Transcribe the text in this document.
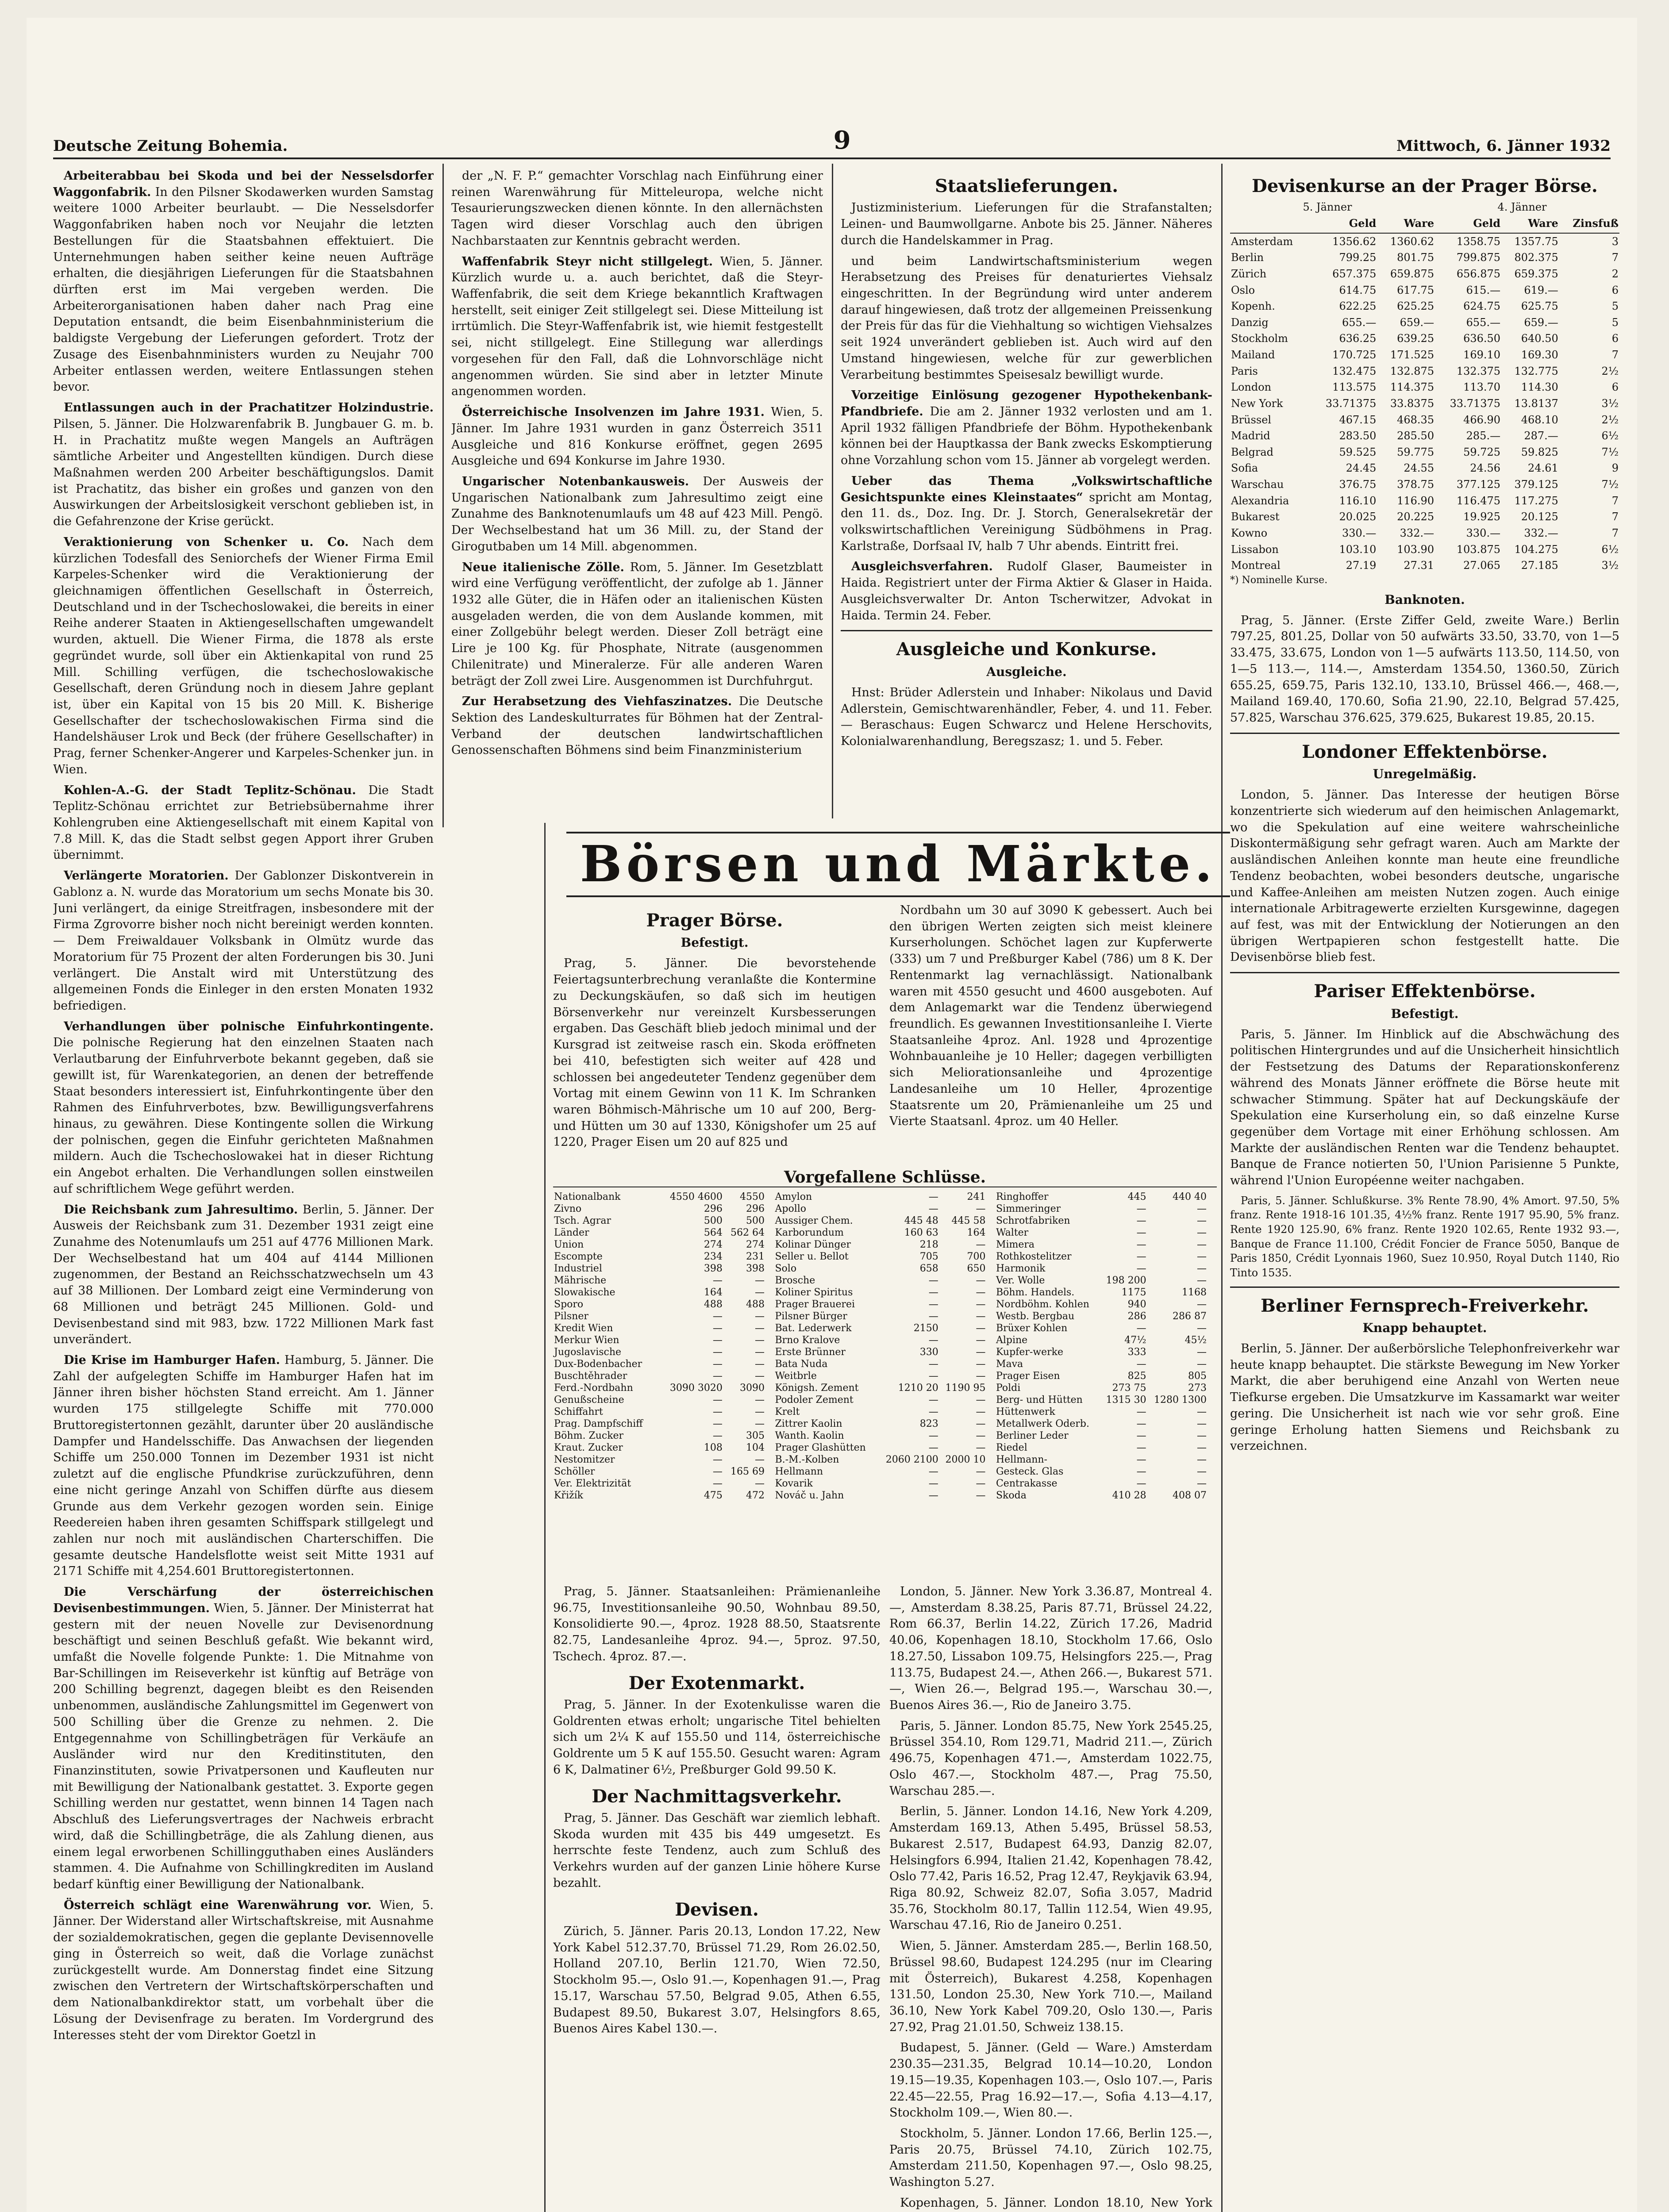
Deutsche Zeitung Bohemia.	9	Mittwoch, 6. Jänner 1932

Arbeiterabbau bei Skoda und bei der Nesselsdorfer Waggonfabrik. In den Pilsner Skodawerken wurden Samstag weitere 1000 Arbeiter beurlaubt. — Die Nesselsdorfer Waggonfabriken haben noch vor Neujahr die letzten Bestellungen für die Staatsbahnen effektuiert. Die Unternehmungen haben seither keine neuen Aufträge erhalten, die diesjährigen Lieferungen für die Staatsbahnen dürften erst im Mai vergeben werden. Die Arbeiterorganisationen haben daher nach Prag eine Deputation entsandt, die beim Eisenbahnministerium die baldigste Vergebung der Lieferungen gefordert. Trotz der Zusage des Eisenbahnministers wurden zu Neujahr 700 Arbeiter entlassen werden, weitere Entlassungen stehen bevor.

Entlassungen auch in der Prachatitzer Holzindustrie. Pilsen, 5. Jänner. Die Holzwarenfabrik B. Jungbauer G. m. b. H. in Prachatitz mußte wegen Mangels an Aufträgen sämtliche Arbeiter und Angestellten kündigen. Durch diese Maßnahmen werden 200 Arbeiter beschäftigungslos. Damit ist Prachatitz, das bisher ein großes und ganzen von den Auswirkungen der Arbeitslosigkeit verschont geblieben ist, in die Gefahrenzone der Krise gerückt.

Veraktionierung von Schenker u. Co. Nach dem kürzlichen Todesfall des Seniorchefs der Wiener Firma Emil Karpeles-Schenker wird die Veraktionierung der gleichnamigen öffentlichen Gesellschaft in Österreich, Deutschland und in der Tschechoslowakei, die bereits in einer Reihe anderer Staaten in Aktiengesellschaften umgewandelt wurden, aktuell. Die Wiener Firma, die 1878 als erste gegründet wurde, soll über ein Aktienkapital von rund 25 Mill. Schilling verfügen, die tschechoslowakische Gesellschaft, deren Gründung noch in diesem Jahre geplant ist, über ein Kapital von 15 bis 20 Mill. K. Bisherige Gesellschafter der tschechoslowakischen Firma sind die Handelshäuser Lrok und Beck (der frühere Gesellschafter) in Prag, ferner Schenker-Angerer und Karpeles-Schenker jun. in Wien.

Kohlen-A.-G. der Stadt Teplitz-Schönau. Die Stadt Teplitz-Schönau errichtet zur Betriebsübernahme ihrer Kohlengruben eine Aktiengesellschaft mit einem Kapital von 7.8 Mill. K, das die Stadt selbst gegen Apport ihrer Gruben übernimmt.

Verlängerte Moratorien. Der Gablonzer Diskontverein in Gablonz a. N. wurde das Moratorium um sechs Monate bis 30. Juni verlängert, da einige Streitfragen, insbesondere mit der Firma Zgrovorre bisher noch nicht bereinigt werden konnten. — Dem Freiwaldauer Volksbank in Olmütz wurde das Moratorium für 75 Prozent der alten Forderungen bis 30. Juni verlängert. Die Anstalt wird mit Unterstützung des allgemeinen Fonds die Einleger in den ersten Monaten 1932 befriedigen.

Verhandlungen über polnische Einfuhrkontingente. Die polnische Regierung hat den einzelnen Staaten nach Verlautbarung der Einfuhrverbote bekannt gegeben, daß sie gewillt ist, für Warenkategorien, an denen der betreffende Staat besonders interessiert ist, Einfuhrkontingente über den Rahmen des Einfuhrverbotes, bzw. Bewilligungsverfahrens hinaus, zu gewähren. Diese Kontingente sollen die Wirkung der polnischen, gegen die Einfuhr gerichteten Maßnahmen mildern. Auch die Tschechoslowakei hat in dieser Richtung ein Angebot erhalten. Die Verhandlungen sollen einstweilen auf schriftlichem Wege geführt werden.

Die Reichsbank zum Jahresultimo. Berlin, 5. Jänner. Der Ausweis der Reichsbank zum 31. Dezember 1931 zeigt eine Zunahme des Notenumlaufs um 251 auf 4776 Millionen Mark. Der Wechselbestand hat um 404 auf 4144 Millionen zugenommen, der Bestand an Reichsschatzwechseln um 43 auf 38 Millionen. Der Lombard zeigt eine Verminderung von 68 Millionen und beträgt 245 Millionen. Gold- und Devisenbestand sind mit 983, bzw. 1722 Millionen Mark fast unverändert.

Die Krise im Hamburger Hafen. Hamburg, 5. Jänner. Die Zahl der aufgelegten Schiffe im Hamburger Hafen hat im Jänner ihren bisher höchsten Stand erreicht. Am 1. Jänner wurden 175 stillgelegte Schiffe mit 770.000 Bruttoregistertonnen gezählt, darunter über 20 ausländische Dampfer und Handelsschiffe. Das Anwachsen der liegenden Schiffe um 250.000 Tonnen im Dezember 1931 ist nicht zuletzt auf die englische Pfundkrise zurückzuführen, denn eine nicht geringe Anzahl von Schiffen dürfte aus diesem Grunde aus dem Verkehr gezogen worden sein. Einige Reedereien haben ihren gesamten Schiffspark stillgelegt und zahlen nur noch mit ausländischen Charterschiffen. Die gesamte deutsche Handelsflotte weist seit Mitte 1931 auf 2171 Schiffe mit 4,254.601 Bruttoregistertonnen.

Die Verschärfung der österreichischen Devisenbestimmungen. Wien, 5. Jänner. Der Ministerrat hat gestern mit der neuen Novelle zur Devisenordnung beschäftigt und seinen Beschluß gefaßt. Wie bekannt wird, umfaßt die Novelle folgende Punkte: 1. Die Mitnahme von Bar-Schillingen im Reiseverkehr ist künftig auf Beträge von 200 Schilling begrenzt, dagegen bleibt es den Reisenden unbenommen, ausländische Zahlungsmittel im Gegenwert von 500 Schilling über die Grenze zu nehmen. 2. Die Entgegennahme von Schillingbeträgen für Verkäufe an Ausländer wird nur den Kreditinstituten, den Finanzinstituten, sowie Privatpersonen und Kaufleuten nur mit Bewilligung der Nationalbank gestattet. 3. Exporte gegen Schilling werden nur gestattet, wenn binnen 14 Tagen nach Abschluß des Lieferungsvertrages der Nachweis erbracht wird, daß die Schillingbeträge, die als Zahlung dienen, aus einem legal erworbenen Schillingguthaben eines Ausländers stammen. 4. Die Aufnahme von Schillingkrediten im Ausland bedarf künftig einer Bewilligung der Nationalbank.

Österreich schlägt eine Warenwährung vor. Wien, 5. Jänner. Der Widerstand aller Wirtschaftskreise, mit Ausnahme der sozialdemokratischen, gegen die geplante Devisennovelle ging in Österreich so weit, daß die Vorlage zunächst zurückgestellt wurde. Am Donnerstag findet eine Sitzung zwischen den Vertretern der Wirtschaftskörperschaften und dem Nationalbankdirektor statt, um vorbehalt über die Lösung der Devisenfrage zu beraten. Im Vordergrund des Interesses steht der vom Direktor Goetzl in

der „N. F. P.“ gemachter Vorschlag nach Einführung einer reinen Warenwährung für Mitteleuropa, welche nicht Tesaurierungszwecken dienen könnte. In den allernächsten Tagen wird dieser Vorschlag auch den übrigen Nachbarstaaten zur Kenntnis gebracht werden.

Waffenfabrik Steyr nicht stillgelegt. Wien, 5. Jänner. Kürzlich wurde u. a. auch berichtet, daß die Steyr-Waffenfabrik, die seit dem Kriege bekanntlich Kraftwagen herstellt, seit einiger Zeit stillgelegt sei. Diese Mitteilung ist irrtümlich. Die Steyr-Waffenfabrik ist, wie hiemit festgestellt sei, nicht stillgelegt. Eine Stillegung war allerdings vorgesehen für den Fall, daß die Lohnvorschläge nicht angenommen würden. Sie sind aber in letzter Minute angenommen worden.

Österreichische Insolvenzen im Jahre 1931. Wien, 5. Jänner. Im Jahre 1931 wurden in ganz Österreich 3511 Ausgleiche und 816 Konkurse eröffnet, gegen 2695 Ausgleiche und 694 Konkurse im Jahre 1930.

Ungarischer Notenbankausweis. Der Ausweis der Ungarischen Nationalbank zum Jahresultimo zeigt eine Zunahme des Banknotenumlaufs um 48 auf 423 Mill. Pengö. Der Wechselbestand hat um 36 Mill. zu, der Stand der Girogutbaben um 14 Mill. abgenommen.

Neue italienische Zölle. Rom, 5. Jänner. Im Gesetzblatt wird eine Verfügung veröffentlicht, der zufolge ab 1. Jänner 1932 alle Güter, die in Häfen oder an italienischen Küsten ausgeladen werden, die von dem Auslande kommen, mit einer Zollgebühr belegt werden. Dieser Zoll beträgt eine Lire je 100 Kg. für Phosphate, Nitrate (ausgenommen Chilenitrate) und Mineralerze. Für alle anderen Waren beträgt der Zoll zwei Lire. Ausgenommen ist Durchfuhrgut.

Zur Herabsetzung des Viehfaszinatzes. Die Deutsche Sektion des Landeskulturrates für Böhmen hat der Zentral-Verband der deutschen landwirtschaftlichen Genossenschaften Böhmens sind beim Finanzministerium

Staatslieferungen.

Justizministerium. Lieferungen für die Strafanstalten; Leinen- und Baumwollgarne. Anbote bis 25. Jänner. Näheres durch die Handelskammer in Prag.

und beim Landwirtschaftsministerium wegen Herabsetzung des Preises für denaturiertes Viehsalz eingeschritten. In der Begründung wird unter anderem darauf hingewiesen, daß trotz der allgemeinen Preissenkung der Preis für das für die Viehhaltung so wichtigen Viehsalzes seit 1924 unverändert geblieben ist. Auch wird auf den Umstand hingewiesen, welche für zur gewerblichen Verarbeitung bestimmtes Speisesalz bewilligt wurde.

Vorzeitige Einlösung gezogener Hypothekenbank-Pfandbriefe. Die am 2. Jänner 1932 verlosten und am 1. April 1932 fälligen Pfandbriefe der Böhm. Hypothekenbank können bei der Hauptkassa der Bank zwecks Eskomptierung ohne Vorzahlung schon vom 15. Jänner ab vorgelegt werden.

Ueber das Thema „Volkswirtschaftliche Gesichtspunkte eines Kleinstaates“ spricht am Montag, den 11. ds., Doz. Ing. Dr. J. Storch, Generalsekretär der volkswirtschaftlichen Vereinigung Südböhmens in Prag. Karlstraße, Dorfsaal IV, halb 7 Uhr abends. Eintritt frei.

Ausgleichsverfahren. Rudolf Glaser, Baumeister in Haida. Registriert unter der Firma Aktier & Glaser in Haida. Ausgleichsverwalter Dr. Anton Tscherwitzer, Advokat in Haida. Termin 24. Feber.

Ausgleiche und Konkurse.
Ausgleiche.

Hnst: Brüder Adlerstein und Inhaber: Nikolaus und David Adlerstein, Gemischtwarenhändler, Feber, 4. und 11. Feber. — Beraschaus: Eugen Schwarcz und Helene Herschovits, Kolonialwarenhandlung, Beregszasz; 1. und 5. Feber.

Devisenkurse an der Prager Börse.
5. Jänner	4. Jänner
	Geld	Ware	Geld	Ware	Zinsfuß
Amsterdam	1356.62	1360.62	1358.75	1357.75	3
Berlin	799.25	801.75	799.875	802.375	7
Zürich	657.375	659.875	656.875	659.375	2
Oslo	614.75	617.75	615.—	619.—	6
Kopenh.	622.25	625.25	624.75	625.75	5
Danzig	655.—	659.—	655.—	659.—	5
Stockholm	636.25	639.25	636.50	640.50	6
Mailand	170.725	171.525	169.10	169.30	7
Paris	132.475	132.875	132.375	132.775	2½
London	113.575	114.375	113.70	114.30	6
New York	33.71375	33.8375	33.71375	13.8137	3½
Brüssel	467.15	468.35	466.90	468.10	2½
Madrid	283.50	285.50	285.—	287.—	6½
Belgrad	59.525	59.775	59.725	59.825	7½
Sofia	24.45	24.55	24.56	24.61	9
Warschau	376.75	378.75	377.125	379.125	7½
Alexandria	116.10	116.90	116.475	117.275	7
Bukarest	20.025	20.225	19.925	20.125	7
Kowno	330.—	332.—	330.—	332.—	7
Lissabon	103.10	103.90	103.875	104.275	6½
Montreal	27.19	27.31	27.065	27.185	3½

*) Nominelle Kurse.

Banknoten.

Prag, 5. Jänner. (Erste Ziffer Geld, zweite Ware.) Berlin 797.25, 801.25, Dollar von 50 aufwärts 33.50, 33.70, von 1—5 33.475, 33.675, London von 1—5 aufwärts 113.50, 114.50, von 1—5 113.—, 114.—, Amsterdam 1354.50, 1360.50, Zürich 655.25, 659.75, Paris 132.10, 133.10, Brüssel 466.—, 468.—, Mailand 169.40, 170.60, Sofia 21.90, 22.10, Belgrad 57.425, 57.825, Warschau 376.625, 379.625, Bukarest 19.85, 20.15.

Londoner Effektenbörse.
Unregelmäßig.

London, 5. Jänner. Das Interesse der heutigen Börse konzentrierte sich wiederum auf den heimischen Anlagemarkt, wo die Spekulation auf eine weitere wahrscheinliche Diskontermäßigung sehr gefragt waren. Auch am Markte der ausländischen Anleihen konnte man heute eine freundliche Tendenz beobachten, wobei besonders deutsche, ungarische und Kaffee-Anleihen am meisten Nutzen zogen. Auch einige internationale Arbitragewerte erzielten Kursgewinne, dagegen auf fest, was mit der Entwicklung der Notierungen an den übrigen Wertpapieren schon festgestellt hatte. Die Devisenbörse blieb fest.

Pariser Effektenbörse.
Befestigt.

Paris, 5. Jänner. Im Hinblick auf die Abschwächung des politischen Hintergrundes und auf die Unsicherheit hinsichtlich der Festsetzung des Datums der Reparationskonferenz während des Monats Jänner eröffnete die Börse heute mit schwacher Stimmung. Später hat auf Deckungskäufe der Spekulation eine Kurserholung ein, so daß einzelne Kurse gegenüber dem Vortage mit einer Erhöhung schlossen. Am Markte der ausländischen Renten war die Tendenz behauptet. Banque de France notierten 50, l'Union Parisienne 5 Punkte, während l'Union Européenne weiter nachgaben.

Paris, 5. Jänner. Schlußkurse. 3% Rente 78.90, 4% Amort. 97.50, 5% franz. Rente 1918-16 101.35, 4½% franz. Rente 1917 95.90, 5% franz. Rente 1920 125.90, 6% franz. Rente 1920 102.65, Rente 1932 93.—, Banque de France 11.100, Crédit Foncier de France 5050, Banque de Paris 1850, Crédit Lyonnais 1960, Suez 10.950, Royal Dutch 1140, Rio Tinto 1535.

Berliner Fernsprech-Freiverkehr.
Knapp behauptet.

Berlin, 5. Jänner. Der außerbörsliche Telephonfreiverkehr war heute knapp behauptet. Die stärkste Bewegung im New Yorker Markt, die aber beruhigend eine Anzahl von Werten neue Tiefkurse ergeben. Die Umsatzkurve im Kassamarkt war weiter gering. Die Unsicherheit ist nach wie vor sehr groß. Eine geringe Erholung hatten Siemens und Reichsbank zu verzeichnen.

Börsen und Märkte.
Prager Börse.
Befestigt.

Prag, 5. Jänner. Die bevorstehende Feiertagsunterbrechung veranlaßte die Kontermine zu Deckungskäufen, so daß sich im heutigen Börsenverkehr nur vereinzelt Kursbesserungen ergaben. Das Geschäft blieb jedoch minimal und der Kursgrad ist zeitweise rasch ein. Skoda eröffneten bei 410, befestigten sich weiter auf 428 und schlossen bei angedeuteter Tendenz gegenüber dem Vortag mit einem Gewinn von 11 K. Im Schranken waren Böhmisch-Mährische um 10 auf 200, Berg- und Hütten um 30 auf 1330, Königshofer um 25 auf 1220, Prager Eisen um 20 auf 825 und

Nordbahn um 30 auf 3090 K gebessert. Auch bei den übrigen Werten zeigten sich meist kleinere Kurserholungen. Schöchet lagen zur Kupferwerte (333) um 7 und Preßburger Kabel (786) um 8 K. Der Rentenmarkt lag vernachlässigt. Nationalbank waren mit 4550 gesucht und 4600 ausgeboten. Auf dem Anlagemarkt war die Tendenz überwiegend freundlich. Es gewannen Investitionsanleihe I. Vierte Staatsanleihe 4proz. Anl. 1928 und 4prozentige Wohnbauanleihe je 10 Heller; dagegen verbilligten sich Meliorationsanleihe und 4prozentige Landesanleihe um 10 Heller, 4prozentige Staatsrente um 20, Prämienanleihe um 25 und Vierte Staatsanl. 4proz. um 40 Heller.

Vorgefallene Schlüsse.
Nationalbank	4550 4600	4550
Zivno	296	296
Tsch. Agrar	500	500
Länder	564	562 64
Union	274	274
Escompte	234	231
Industriel	398	398
Mährische	—	—
Slowakische	164	—
Sporo	488	488
Pilsner	—	—
Kredit Wien	—	—
Merkur Wien	—	—
Jugoslavische	—	—
Dux-Bodenbacher	—	—
Buschtěhrader	—	—
Ferd.-Nordbahn	3090 3020	3090
Genußscheine	—	—
Schiffahrt	—	—
Prag. Dampfschiff	—	—
Böhm. Zucker	—	305
Kraut. Zucker	108	104
Nestomitzer	—	—
Schöller	—	165 69
Ver. Elektrizität	—	—
Křižík	475	472
Amylon	—	241
Apollo	—	—
Aussiger Chem.	445 48	445 58
Karborundum	160 63	164
Kolinar Dünger	218	—
Seller u. Bellot	705	700
Solo	658	650
Brosche	—	—
Koliner Spiritus	—	—
Prager Brauerei	—	—
Pilsner Bürger	—	—
Bat. Lederwerk	2150	—
Brno Kralove	—	—
Erste Brünner	330	—
Bata Nuda	—	—
Weitbrle	—	—
Königsh. Zement	1210 20	1190 95
Podoler Zement	—	—
Krelt	—	—
Zittrer Kaolin	823	—
Wanth. Kaolin	—	—
Prager Glashütten	—	—
B.-M.-Kolben	2060 2100	2000 10
Hellmann	—	—
Kovarik	—	—
Nováč u. Jahn	—	—
Ringhoffer	445	440 40
Simmeringer	—	—
Schrotfabriken	—	—
Walter	—	—
Mimera	—	—
Rothkostelitzer	—	—
Harmonik	—	—
Ver. Wolle	198 200	—
Böhm. Handels.	1175	1168
Nordböhm. Kohlen	940	—
Westb. Bergbau	286	286 87
Brüxer Kohlen	—	—
Alpine	47½	45½
Kupfer-werke	333	—
Mava	—	—
Prager Eisen	825	805
Poldi	273 75	273
Berg- und Hütten	1315 30	1280 1300
Hüttenwerk	—	—
Metallwerk Oderb.	—	—
Berliner Leder	—	—
Riedel	—	—
Hellmann-	—	—
Gesteck. Glas	—	—
Centrakasse	—	—
Skoda	410 28	408 07

Prag, 5. Jänner. Staatsanleihen: Prämienanleihe 96.75, Investitionsanleihe 90.50, Wohnbau 89.50, Konsolidierte 90.—, 4proz. 1928 88.50, Staatsrente 82.75, Landesanleihe 4proz. 94.—, 5proz. 97.50, Tschech. 4proz. 87.—.

Der Exotenmarkt.

Prag, 5. Jänner. In der Exotenkulisse waren die Goldrenten etwas erholt; ungarische Titel behielten sich um 2¼ K auf 155.50 und 114, österreichische Goldrente um 5 K auf 155.50. Gesucht waren: Agram 6 K, Dalmatiner 6½, Preßburger Gold 99.50 K.

Der Nachmittagsverkehr.

Prag, 5. Jänner. Das Geschäft war ziemlich lebhaft. Skoda wurden mit 435 bis 449 umgesetzt. Es herrschte feste Tendenz, auch zum Schluß des Verkehrs wurden auf der ganzen Linie höhere Kurse bezahlt.

Devisen.

Zürich, 5. Jänner. Paris 20.13, London 17.22, New York Kabel 512.37.70, Brüssel 71.29, Rom 26.02.50, Holland 207.10, Berlin 121.70, Wien 72.50, Stockholm 95.—, Oslo 91.—, Kopenhagen 91.—, Prag 15.17, Warschau 57.50, Belgrad 9.05, Athen 6.55, Budapest 89.50, Bukarest 3.07, Helsingfors 8.65, Buenos Aires Kabel 130.—.

London, 5. Jänner. New York 3.36.87, Montreal 4.—, Amsterdam 8.38.25, Paris 87.71, Brüssel 24.22, Rom 66.37, Berlin 14.22, Zürich 17.26, Madrid 40.06, Kopenhagen 18.10, Stockholm 17.66, Oslo 18.27.50, Lissabon 109.75, Helsingfors 225.—, Prag 113.75, Budapest 24.—, Athen 266.—, Bukarest 571.—, Wien 26.—, Belgrad 195.—, Warschau 30.—, Buenos Aires 36.—, Rio de Janeiro 3.75.

Paris, 5. Jänner. London 85.75, New York 2545.25, Brüssel 354.10, Rom 129.71, Madrid 211.—, Zürich 496.75, Kopenhagen 471.—, Amsterdam 1022.75, Oslo 467.—, Stockholm 487.—, Prag 75.50, Warschau 285.—.

Berlin, 5. Jänner. London 14.16, New York 4.209, Amsterdam 169.13, Athen 5.495, Brüssel 58.53, Bukarest 2.517, Budapest 64.93, Danzig 82.07, Helsingfors 6.994, Italien 21.42, Kopenhagen 78.42, Oslo 77.42, Paris 16.52, Prag 12.47, Reykjavik 63.94, Riga 80.92, Schweiz 82.07, Sofia 3.057, Madrid 35.76, Stockholm 80.17, Tallin 112.54, Wien 49.95, Warschau 47.16, Rio de Janeiro 0.251.

Wien, 5. Jänner. Amsterdam 285.—, Berlin 168.50, Brüssel 98.60, Budapest 124.295 (nur im Clearing mit Österreich), Bukarest 4.258, Kopenhagen 131.50, London 25.30, New York 710.—, Mailand 36.10, New York Kabel 709.20, Oslo 130.—, Paris 27.92, Prag 21.01.50, Schweiz 138.15.

Budapest, 5. Jänner. (Geld — Ware.) Amsterdam 230.35—231.35, Belgrad 10.14—10.20, London 19.15—19.35, Kopenhagen 103.—, Oslo 107.—, Paris 22.45—22.55, Prag 16.92—17.—, Sofia 4.13—4.17, Stockholm 109.—, Wien 80.—.

Stockholm, 5. Jänner. London 17.66, Berlin 125.—, Paris 20.75, Brüssel 74.10, Zürich 102.75, Amsterdam 211.50, Kopenhagen 97.—, Oslo 98.25, Washington 5.27.

Kopenhagen, 5. Jänner. London 18.10, New York
